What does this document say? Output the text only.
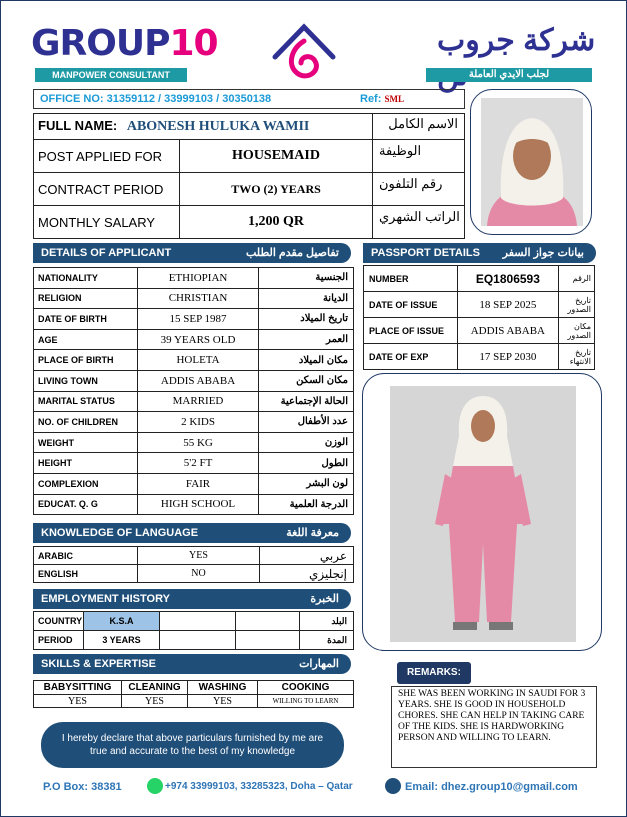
GROUP10
MANPOWER CONSULTANT
شركة جروب
لجلب الايدي العاملة
OFFICE NO: 31359112 / 33999103 / 30350138	Ref: SML
FULL NAME: ABONESH HULUKA WAMII		الاسم الكامل
POST APPLIED FOR	HOUSEMAID	الوظيفة
CONTRACT PERIOD	TWO (2) YEARS	رقم التلفون
MONTHLY SALARY	1,200 QR	الراتب الشهري
DETAILS OF APPLICANT	تفاصيل مقدم الطلب
NATIONALITY	ETHIOPIAN	الجنسية
RELIGION	CHRISTIAN	الديانة
DATE OF BIRTH	15 SEP 1987	تاريخ الميلاد
AGE	39 YEARS OLD	العمر
PLACE OF BIRTH	HOLETA	مكان الميلاد
LIVING TOWN	ADDIS ABABA	مكان السكن
MARITAL STATUS	MARRIED	الحالة الإجتماعية
NO. OF CHILDREN	2 KIDS	عدد الأطفال
WEIGHT	55 KG	الوزن
HEIGHT	5'2 FT	الطول
COMPLEXION	FAIR	لون البشر
EDUCAT. Q. G	HIGH SCHOOL	الدرجة العلمية
PASSPORT DETAILS بيانات جواز السفر
NUMBER	EQ1806593	الرقم
DATE OF ISSUE	18 SEP 2025	تاريخ الصدور
PLACE OF ISSUE	ADDIS ABABA	مكان الصدور
DATE OF EXP	17 SEP 2030	تاريخ الانتهاء
KNOWLEDGE OF LANGUAGE	معرفة اللغة
ARABIC	YES	عربي
ENGLISH	NO	إنجليزي
EMPLOYMENT HISTORY	الخبرة
COUNTRY	K.S.A			البلد
PERIOD	3 YEARS			المدة
SKILLS & EXPERTISE	المهارات
BABYSITTING	CLEANING	WASHING	COOKING
YES	YES	YES	WILLING TO LEARN
REMARKS:
SHE WAS BEEN WORKING IN SAUDI FOR 3 YEARS. SHE IS GOOD IN HOUSEHOLD CHORES. SHE CAN HELP IN TAKING CARE OF THE KIDS. SHE IS HARDWORKING PERSON AND WILLING TO LEARN.
I hereby declare that above particulars furnished by me are true and accurate to the best of my knowledge
P.O Box: 38381	+974 33999103, 33285323, Doha – Qatar	Email: dhez.group10@gmail.com
